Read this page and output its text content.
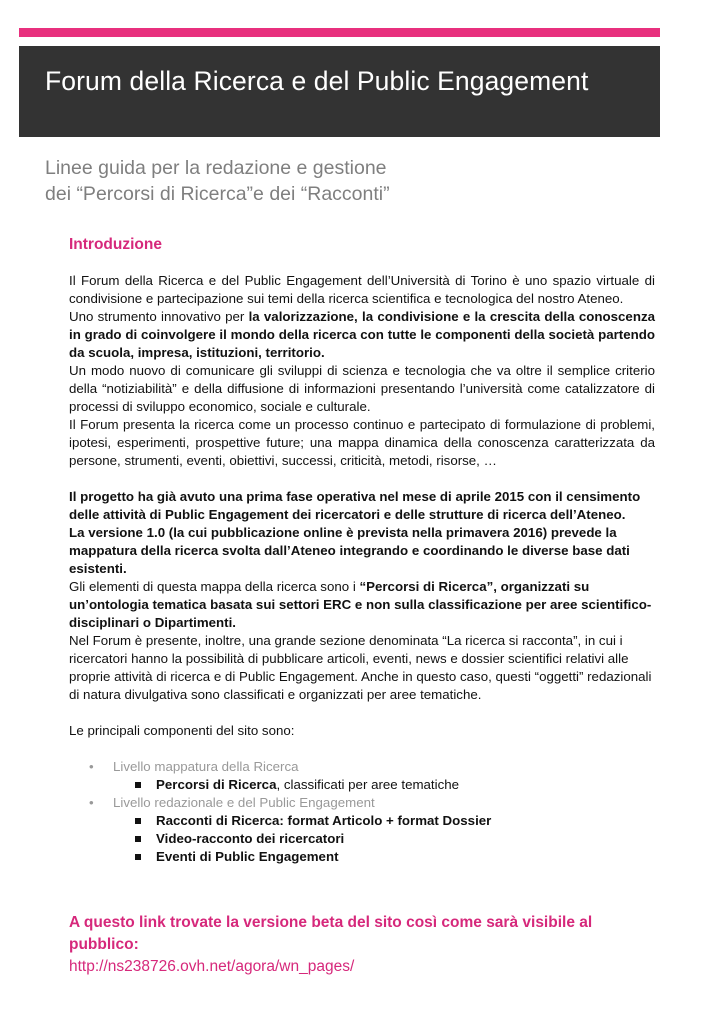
Forum della Ricerca e del Public Engagement
Linee guida per la redazione e gestione
dei “Percorsi di Ricerca”e dei “Racconti”
Introduzione

Il Forum della Ricerca e del Public Engagement dell’Università di Torino è uno spazio virtuale di condivisione e partecipazione sui temi della ricerca scientifica e tecnologica del nostro Ateneo.
Uno strumento innovativo per la valorizzazione, la condivisione e la crescita della conoscenza in grado di coinvolgere il mondo della ricerca con tutte le componenti della società partendo da scuola, impresa, istituzioni, territorio.
Un modo nuovo di comunicare gli sviluppi di scienza e tecnologia che va oltre il semplice criterio della “notiziabilità” e della diffusione di informazioni presentando l’università come catalizzatore di processi di sviluppo economico, sociale e culturale.
Il Forum presenta la ricerca come un processo continuo e partecipato di formulazione di problemi, ipotesi, esperimenti, prospettive future; una mappa dinamica della conoscenza caratterizzata da persone, strumenti, eventi, obiettivi, successi, criticità, metodi, risorse, …

Il progetto ha già avuto una prima fase operativa nel mese di aprile 2015 con il censimento delle attività di Public Engagement dei ricercatori e delle strutture di ricerca dell’Ateneo.
La versione 1.0 (la cui pubblicazione online è prevista nella primavera 2016) prevede la mappatura della ricerca svolta dall’Ateneo integrando e coordinando le diverse base dati esistenti.
Gli elementi di questa mappa della ricerca sono i “Percorsi di Ricerca”, organizzati su un’ontologia tematica basata sui settori ERC e non sulla classificazione per aree scientifico-disciplinari o Dipartimenti.
Nel Forum è presente, inoltre, una grande sezione denominata “La ricerca si racconta”, in cui i ricercatori hanno la possibilità di pubblicare articoli, eventi, news e dossier scientifici relativi alle proprie attività di ricerca e di Public Engagement. Anche in questo caso, questi “oggetti” redazionali di natura divulgativa sono classificati e organizzati per aree tematiche.

Le principali componenti del sito sono:

• Livello mappatura della Ricerca
Percorsi di Ricerca, classificati per aree tematiche
• Livello redazionale e del Public Engagement
Racconti di Ricerca: format Articolo + format Dossier
Video-racconto dei ricercatori
Eventi di Public Engagement
A questo link trovate la versione beta del sito così come sarà visibile al pubblico:
http://ns238726.ovh.net/agora/wn_pages/
